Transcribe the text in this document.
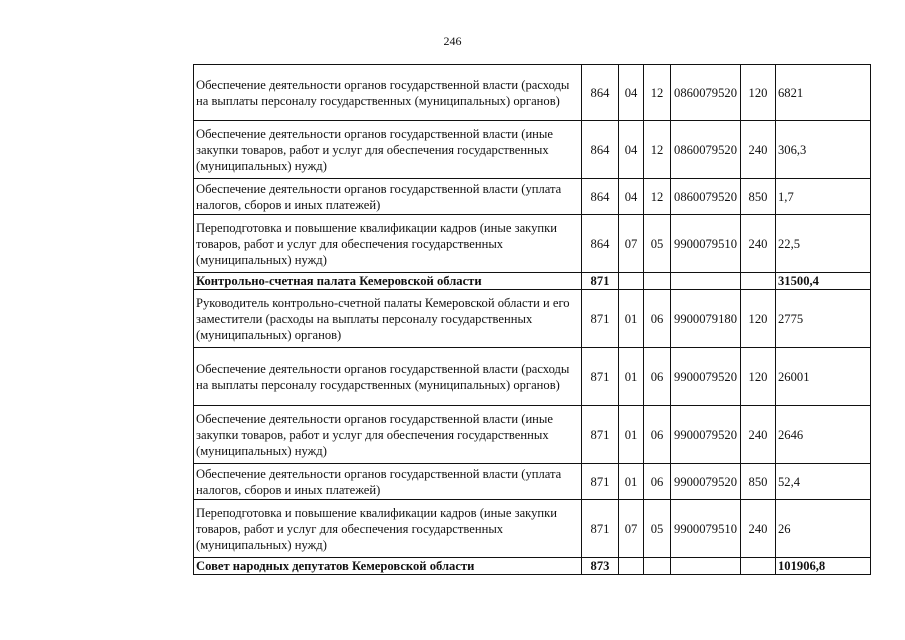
246
Обеспечение деятельности органов государственной власти (расходы на выплаты персоналу государственных (муниципальных) органов)	864	04	12	0860079520	120	6821
Обеспечение деятельности органов государственной власти (иные закупки товаров, работ и услуг для обеспечения государственных (муниципальных) нужд)	864	04	12	0860079520	240	306,3
Обеспечение деятельности органов государственной власти (уплата налогов, сборов и иных платежей)	864	04	12	0860079520	850	1,7
Переподготовка и повышение квалификации кадров (иные закупки товаров, работ и услуг для обеспечения государственных (муниципальных) нужд)	864	07	05	9900079510	240	22,5
Контрольно-счетная палата Кемеровской области	871					31500,4
Руководитель контрольно-счетной палаты Кемеровской области и его заместители (расходы на выплаты персоналу государственных (муниципальных) органов)	871	01	06	9900079180	120	2775
Обеспечение деятельности органов государственной власти (расходы на выплаты персоналу государственных (муниципальных) органов)	871	01	06	9900079520	120	26001
Обеспечение деятельности органов государственной власти (иные закупки товаров, работ и услуг для обеспечения государственных (муниципальных) нужд)	871	01	06	9900079520	240	2646
Обеспечение деятельности органов государственной власти (уплата налогов, сборов и иных платежей)	871	01	06	9900079520	850	52,4
Переподготовка и повышение квалификации кадров (иные закупки товаров, работ и услуг для обеспечения государственных (муниципальных) нужд)	871	07	05	9900079510	240	26
Совет народных депутатов Кемеровской области	873					101906,8
